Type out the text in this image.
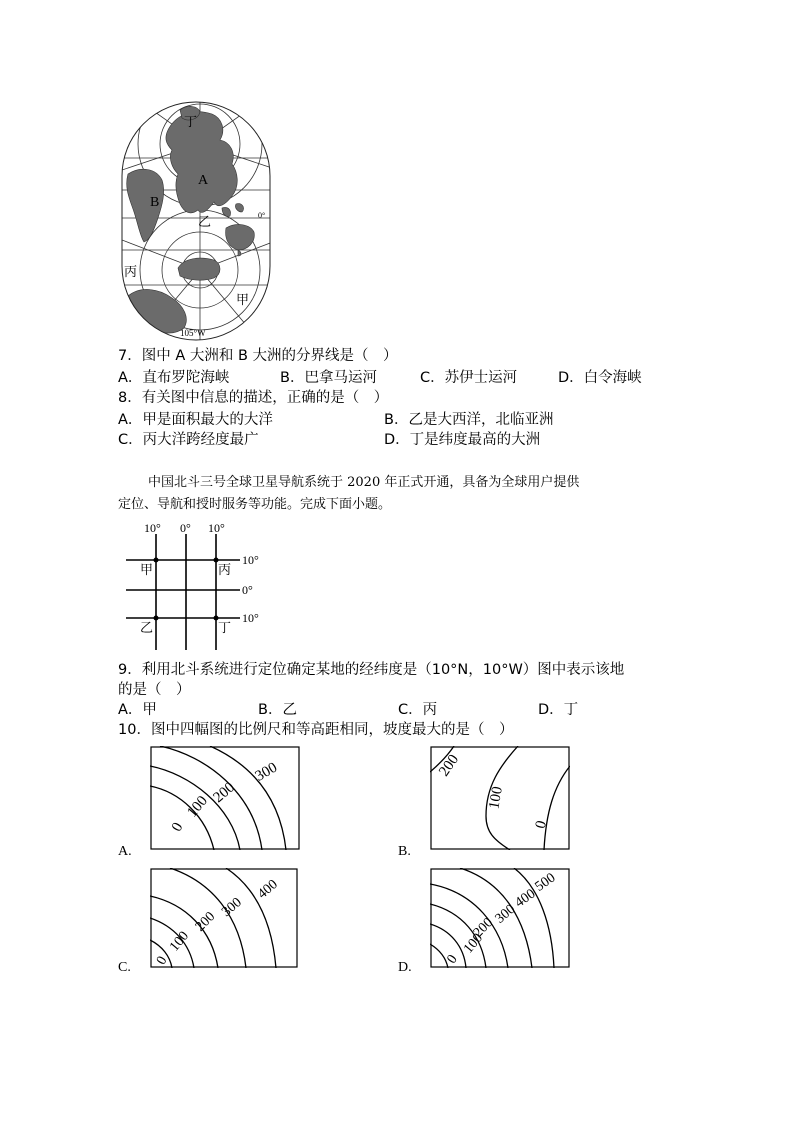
丁
A
B
乙	0°
丙
甲
105°W
7．图中 A 大洲和 B 大洲的分界线是（　）
A．直布罗陀海峡	B．巴拿马运河	C．苏伊士运河	D．白令海峡
8．有关图中信息的描述，正确的是（　）
A．甲是面积最大的大洋	B．乙是大西洋，北临亚洲
C．丙大洋跨经度最广	D．丁是纬度最高的大洲
中国北斗三号全球卫星导航系统于 2020 年正式开通，具备为全球用户提供
定位、导航和授时服务等功能。完成下面小题。
10° 0° 10°
10°
0°
10°
甲	丙
乙	丁
9．利用北斗系统进行定位确定某地的经纬度是（10°N，10°W）图中表示该地
的是（　）
A．甲	B．乙	C．丙	D．丁
10．图中四幅图的比例尺和等高距相同，坡度最大的是（　）
0
100
200
300
A.
200
100
0
B.
0
100
200
300
400
C.
0
100
200
300
400
500
D.
